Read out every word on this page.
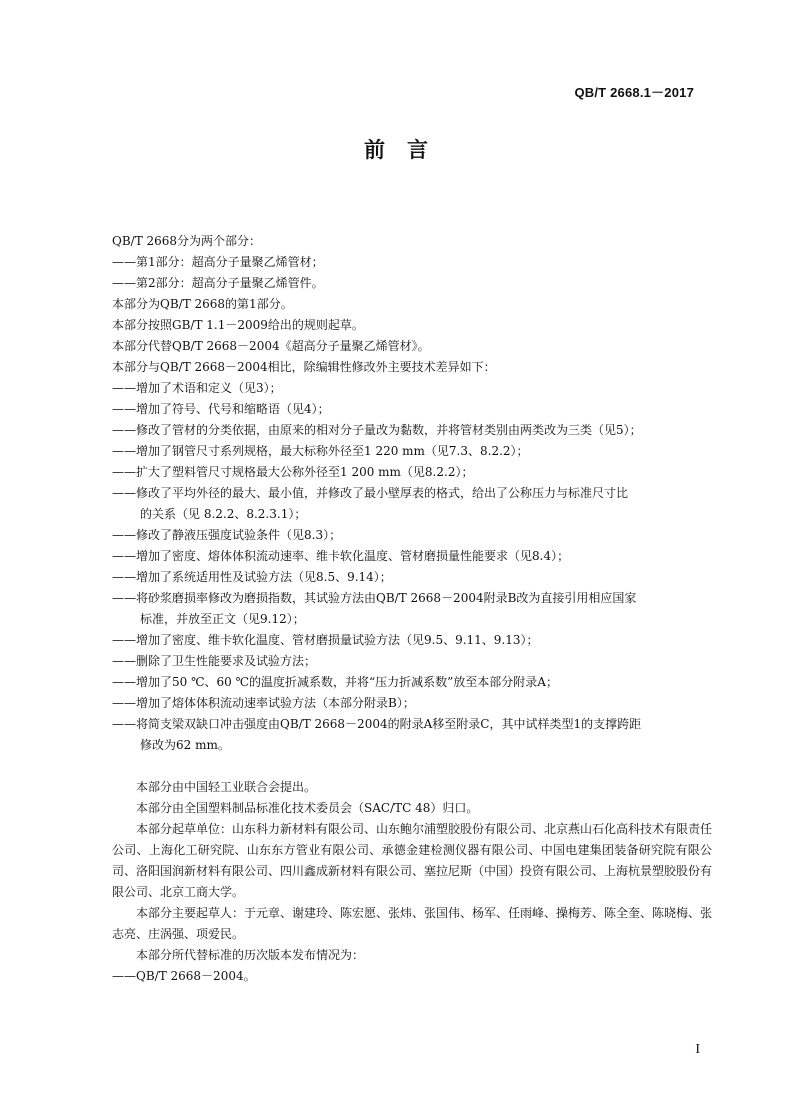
QB/T 2668.1－2017
前言
QB/T 2668分为两个部分：
——第1部分：超高分子量聚乙烯管材；
——第2部分：超高分子量聚乙烯管件。
本部分为QB/T 2668的第1部分。
本部分按照GB/T 1.1－2009给出的规则起草。
本部分代替QB/T 2668－2004《超高分子量聚乙烯管材》。
本部分与QB/T 2668－2004相比，除编辑性修改外主要技术差异如下：
——增加了术语和定义（见3）；
——增加了符号、代号和缩略语（见4）；
——修改了管材的分类依据，由原来的相对分子量改为黏数，并将管材类别由两类改为三类（见5）；
——增加了钢管尺寸系列规格，最大标称外径至1 220 mm（见7.3、8.2.2）；
——扩大了塑料管尺寸规格最大公称外径至1 200 mm（见8.2.2）；
——修改了平均外径的最大、最小值，并修改了最小壁厚表的格式，给出了公称压力与标准尺寸比
的关系（见 8.2.2、8.2.3.1）；
——修改了静液压强度试验条件（见8.3）；
——增加了密度、熔体体积流动速率、维卡软化温度、管材磨损量性能要求（见8.4）；
——增加了系统适用性及试验方法（见8.5、9.14）；
——将砂浆磨损率修改为磨损指数，其试验方法由QB/T 2668－2004附录B改为直接引用相应国家
标准，并放至正文（见9.12）；
——增加了密度、维卡软化温度、管材磨损量试验方法（见9.5、9.11、9.13）；
——删除了卫生性能要求及试验方法；
——增加了50 ℃、60 ℃的温度折减系数，并将“压力折减系数”放至本部分附录A；
——增加了熔体体积流动速率试验方法（本部分附录B）；
——将简支梁双缺口冲击强度由QB/T 2668－2004的附录A移至附录C，其中试样类型1的支撑跨距
修改为62 mm。
本部分由中国轻工业联合会提出。
本部分由全国塑料制品标准化技术委员会（SAC/TC 48）归口。
本部分起草单位：山东科力新材料有限公司、山东鲍尔浦塑胶股份有限公司、北京燕山石化高科技术有限责任公司、上海化工研究院、山东东方管业有限公司、承德金建检测仪器有限公司、中国电建集团装备研究院有限公司、洛阳国润新材料有限公司、四川鑫成新材料有限公司、塞拉尼斯（中国）投资有限公司、上海杭景塑胶股份有限公司、北京工商大学。
本部分主要起草人：于元章、谢建玲、陈宏愿、张炜、张国伟、杨军、任雨峰、操梅芳、陈全奎、陈晓梅、张志亮、庄涡强、项爱民。
本部分所代替标准的历次版本发布情况为：
——QB/T 2668－2004。
I
